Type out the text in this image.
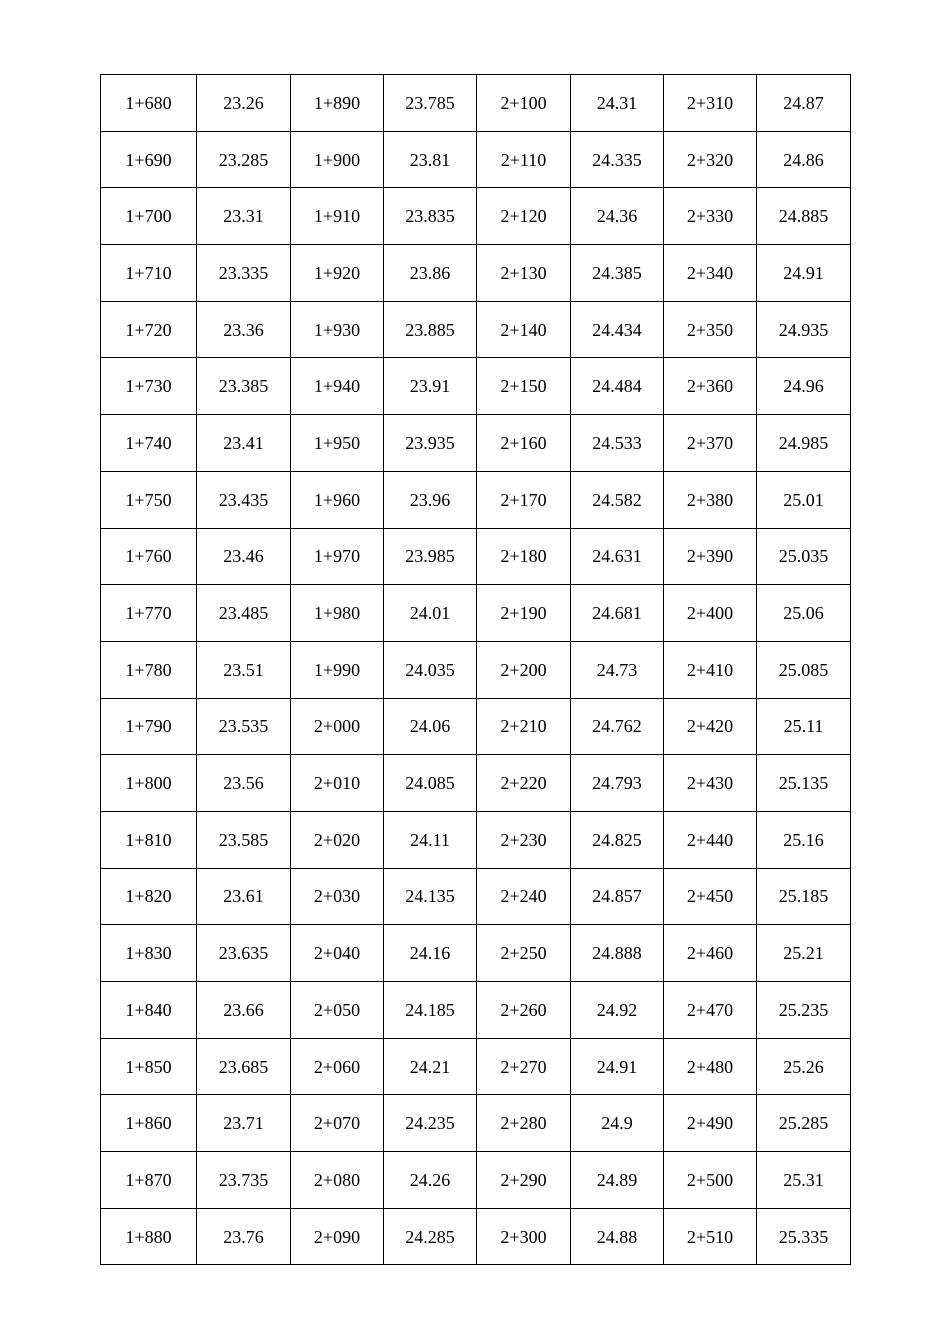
1+680	23.26	1+890	23.785	2+100	24.31	2+310	24.87
1+690	23.285	1+900	23.81	2+110	24.335	2+320	24.86
1+700	23.31	1+910	23.835	2+120	24.36	2+330	24.885
1+710	23.335	1+920	23.86	2+130	24.385	2+340	24.91
1+720	23.36	1+930	23.885	2+140	24.434	2+350	24.935
1+730	23.385	1+940	23.91	2+150	24.484	2+360	24.96
1+740	23.41	1+950	23.935	2+160	24.533	2+370	24.985
1+750	23.435	1+960	23.96	2+170	24.582	2+380	25.01
1+760	23.46	1+970	23.985	2+180	24.631	2+390	25.035
1+770	23.485	1+980	24.01	2+190	24.681	2+400	25.06
1+780	23.51	1+990	24.035	2+200	24.73	2+410	25.085
1+790	23.535	2+000	24.06	2+210	24.762	2+420	25.11
1+800	23.56	2+010	24.085	2+220	24.793	2+430	25.135
1+810	23.585	2+020	24.11	2+230	24.825	2+440	25.16
1+820	23.61	2+030	24.135	2+240	24.857	2+450	25.185
1+830	23.635	2+040	24.16	2+250	24.888	2+460	25.21
1+840	23.66	2+050	24.185	2+260	24.92	2+470	25.235
1+850	23.685	2+060	24.21	2+270	24.91	2+480	25.26
1+860	23.71	2+070	24.235	2+280	24.9	2+490	25.285
1+870	23.735	2+080	24.26	2+290	24.89	2+500	25.31
1+880	23.76	2+090	24.285	2+300	24.88	2+510	25.335
